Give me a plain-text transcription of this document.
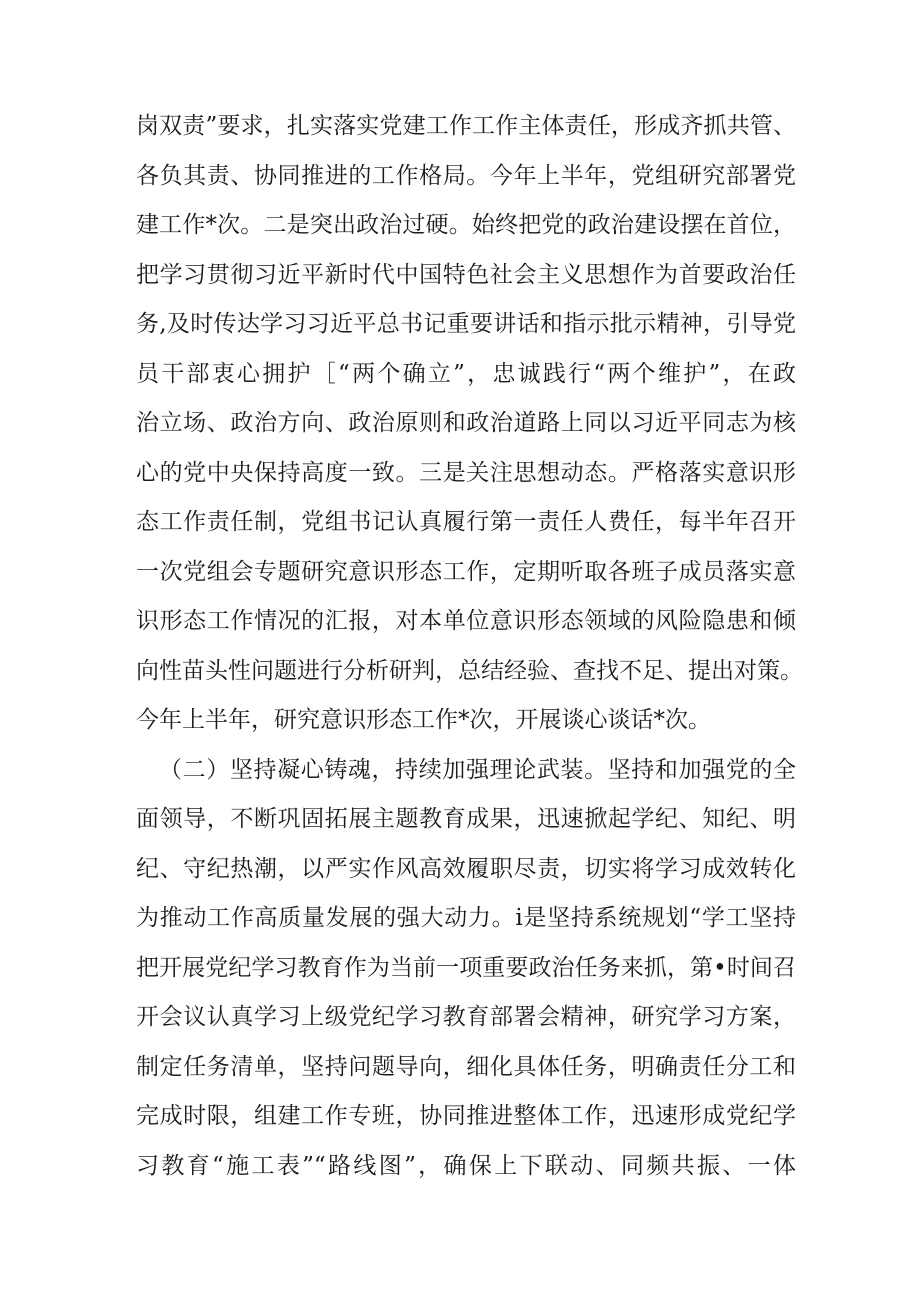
岗双责”要求，扎实落实党建工作工作主体责任，形成齐抓共管、
各负其责、协同推进的工作格局。今年上半年，党组研究部署党
建工作*次。二是突出政治过硬。始终把党的政治建设摆在首位，
把学习贯彻习近平新时代中国特色社会主义思想作为首要政治任
务,及时传达学习习近平总书记重要讲话和指示批示精神，引导党
员干部衷心拥护［“两个确立”，忠诚践行“两个维护”，在政
治立场、政治方向、政治原则和政治道路上同以习近平同志为核
心的党中央保持高度一致。三是关注思想动态。严格落实意识形
态工作责任制，党组书记认真履行第一责任人费任，每半年召开
一次党组会专题研究意识形态工作，定期听取各班子成员落实意
识形态工作情况的汇报，对本单位意识形态领域的风险隐患和倾
向性苗头性问题进行分析研判，总结经验、查找不足、提出对策。
今年上半年，研究意识形态工作*次，开展谈心谈话*次。
（二）坚持凝心铸魂，持续加强理论武装。坚持和加强党的全
面领导，不断巩固拓展主题教育成果，迅速掀起学纪、知纪、明
纪、守纪热潮，以严实作风高效履职尽责，切实将学习成效转化
为推动工作高质量发展的强大动力。i是坚持系统规划“学工坚持
把开展党纪学习教育作为当前一项重要政治任务来抓，第•时间召
开会议认真学习上级党纪学习教育部署会精神，研究学习方案，
制定任务清单，坚持问题导向，细化具体任务，明确责任分工和
完成时限，组建工作专班，协同推进整体工作，迅速形成党纪学
习教育“施工表”“路线图”，确保上下联动、同频共振、一体
